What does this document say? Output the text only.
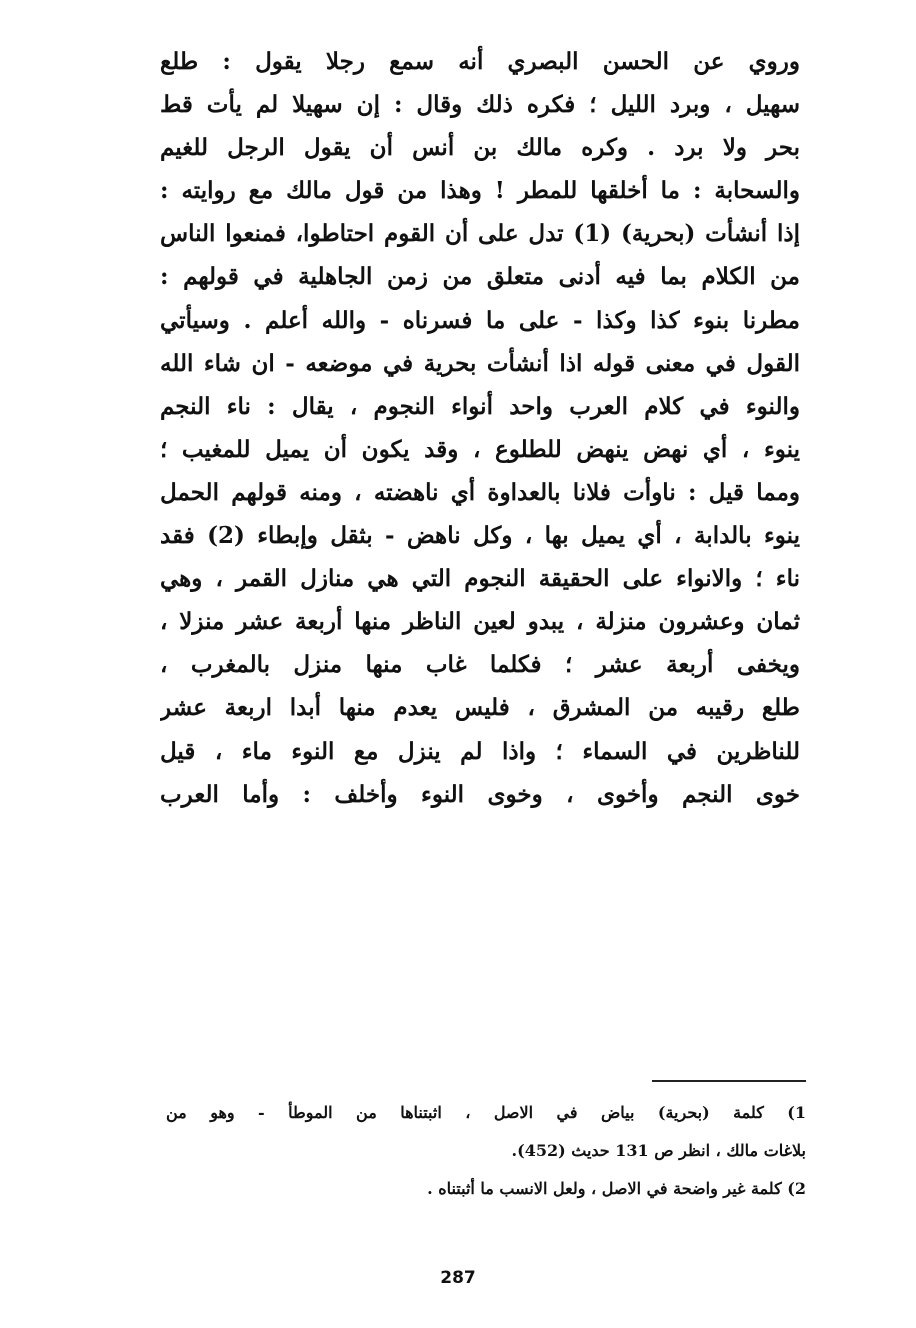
وروي عن الحسن البصري أنه سمع رجلا يقول : طلع
سهيل ، وبرد الليل ؛ فكره ذلك وقال : إن سهيلا لم يأت قط
بحر ولا برد . وكره مالك بن أنس أن يقول الرجل للغيم
والسحابة : ما أخلقها للمطر ! وهذا من قول مالك مع روايته :
إذا أنشأت (بحرية) (1) تدل على أن القوم احتاطوا، فمنعوا الناس
من الكلام بما فيه أدنى متعلق من زمن الجاهلية في قولهم :
مطرنا بنوء كذا وكذا - على ما فسرناه - والله أعلم . وسيأتي
القول في معنى قوله اذا أنشأت بحرية في موضعه - ان شاء الله
والنوء في كلام العرب واحد أنواء النجوم ، يقال : ناء النجم
ينوء ، أي نهض ينهض للطلوع ، وقد يكون أن يميل للمغيب ؛
ومما قيل : ناوأت فلانا بالعداوة أي ناهضته ، ومنه قولهم الحمل
ينوء بالدابة ، أي يميل بها ، وكل ناهض - بثقل وإبطاء (2) فقد
ناء ؛ والانواء على الحقيقة النجوم التي هي منازل القمر ، وهي
ثمان وعشرون منزلة ، يبدو لعين الناظر منها أربعة عشر منزلا ،
ويخفى أربعة عشر ؛ فكلما غاب منها منزل بالمغرب ،
طلع رقيبه من المشرق ، فليس يعدم منها أبدا اربعة عشر
للناظرين في السماء ؛ واذا لم ينزل مع النوء ماء ، قيل
خوى النجم وأخوى ، وخوى النوء وأخلف : وأما العرب
1) كلمة (بحرية) بياض في الاصل ، اثبتناها من الموطأ - وهو من
بلاغات مالك ، انظر ص 131 حديث (452).
2) كلمة غير واضحة في الاصل ، ولعل الانسب ما أثبتناه .
287
